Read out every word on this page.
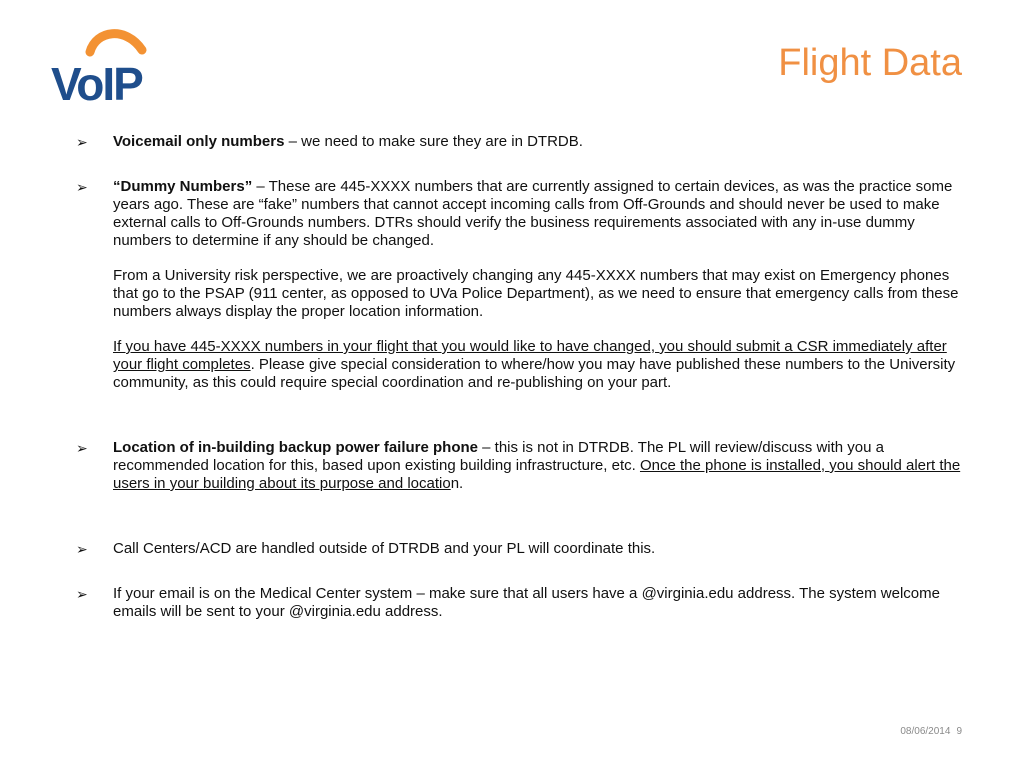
VoIP	Flight Data
➢ Voicemail only numbers – we need to make sure they are in DTRDB.

➢ “Dummy Numbers” – These are 445-XXXX numbers that are currently assigned to certain devices, as was the practice some years ago. These are “fake” numbers that cannot accept incoming calls from Off-Grounds and should never be used to make external calls to Off-Grounds numbers. DTRs should verify the business requirements associated with any in-use dummy numbers to determine if any should be changed.

From a University risk perspective, we are proactively changing any 445-XXXX numbers that may exist on Emergency phones that go to the PSAP (911 center, as opposed to UVa Police Department), as we need to ensure that emergency calls from these numbers always display the proper location information.

If you have 445-XXXX numbers in your flight that you would like to have changed, you should submit a CSR immediately after your flight completes. Please give special consideration to where/how you may have published these numbers to the University community, as this could require special coordination and re-publishing on your part.

➢ Location of in-building backup power failure phone – this is not in DTRDB. The PL will review/discuss with you a recommended location for this, based upon existing building infrastructure, etc. Once the phone is installed, you should alert the users in your building about its purpose and location.

➢ Call Centers/ACD are handled outside of DTRDB and your PL will coordinate this.

➢ If your email is on the Medical Center system – make sure that all users have a @virginia.edu address. The system welcome emails will be sent to your @virginia.edu address.

08/06/2014 9
